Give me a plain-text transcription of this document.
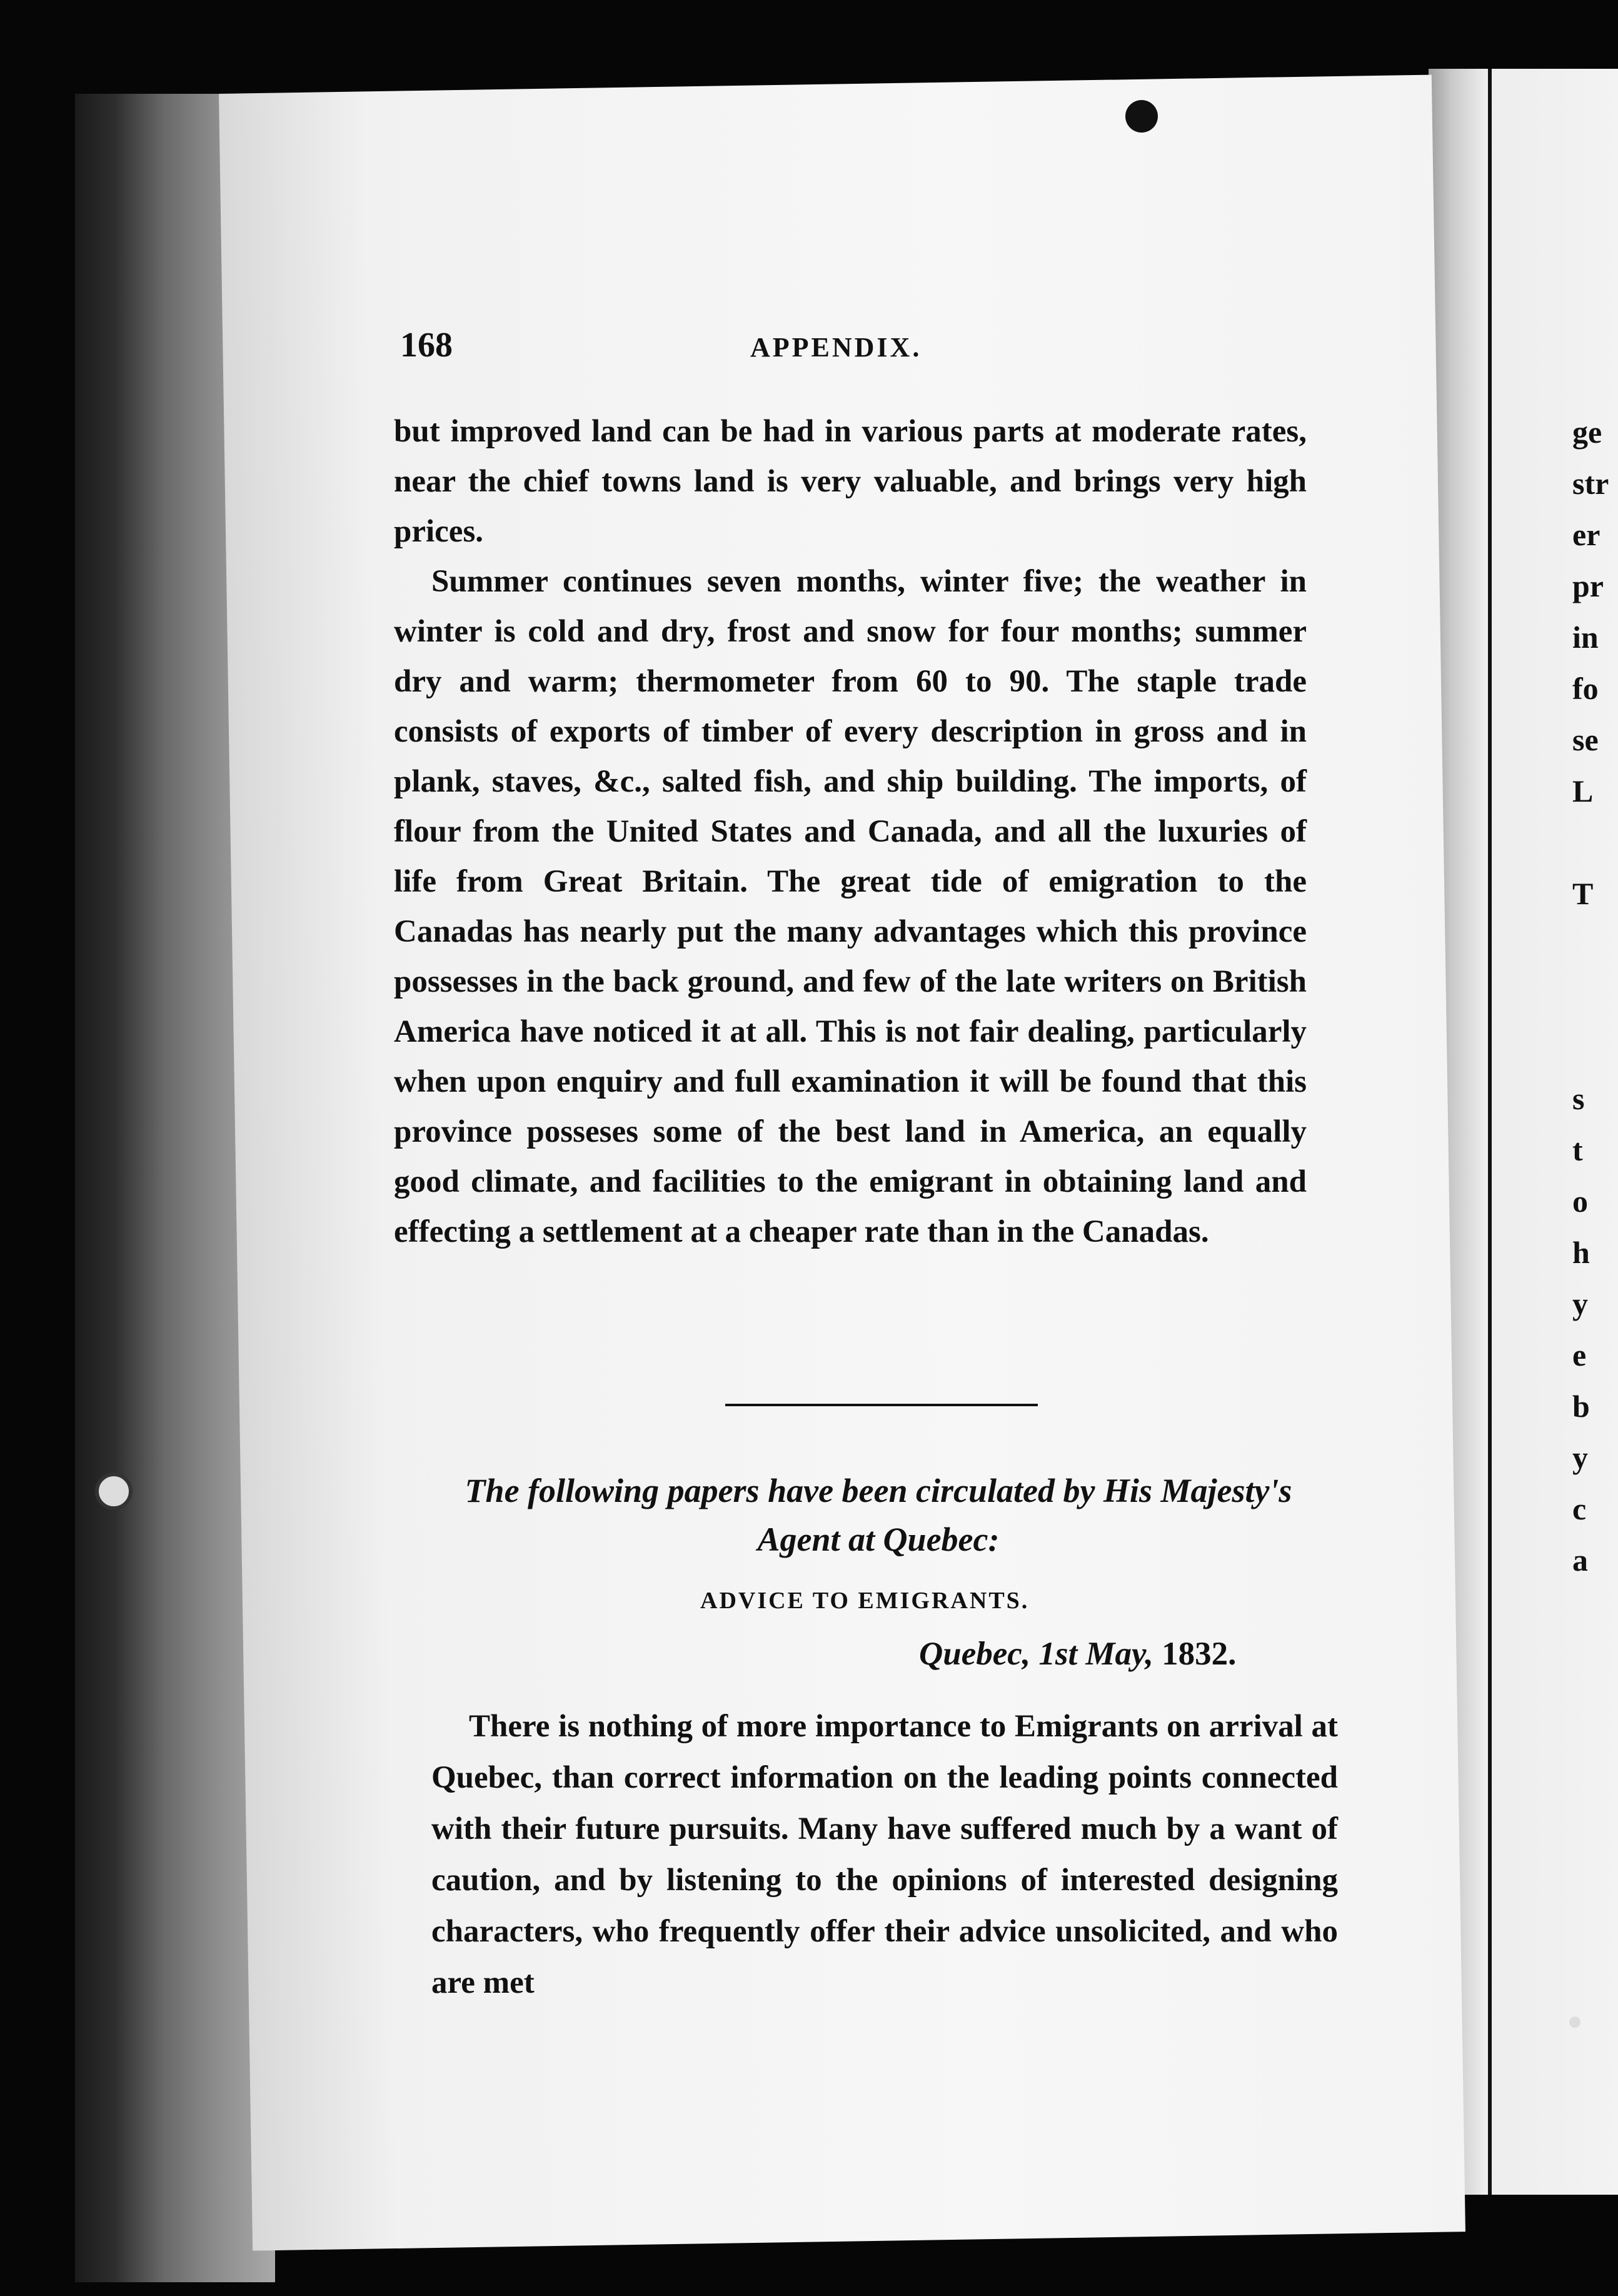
168	APPENDIX.

but improved land can be had in various parts at moderate rates, near the chief towns land is very valuable, and brings very high prices.

Summer continues seven months, winter five; the weather in winter is cold and dry, frost and snow for four months; summer dry and warm; thermometer from 60 to 90. The staple trade consists of exports of timber of every description in gross and in plank, staves, &c., salted fish, and ship building. The imports, of flour from the United States and Canada, and all the luxuries of life from Great Britain. The great tide of emigration to the Canadas has nearly put the many advantages which this province possesses in the back ground, and few of the late writers on British America have noticed it at all. This is not fair dealing, particularly when upon enquiry and full examination it will be found that this province posseses some of the best land in America, an equally good climate, and facilities to the emigrant in obtaining land and effecting a settlement at a cheaper rate than in the Canadas.

The following papers have been circulated by His Majesty's Agent at Quebec:
ADVICE TO EMIGRANTS.
Quebec, 1st May, 1832.
There is nothing of more importance to Emigrants on arrival at Quebec, than correct information on the leading points connected with their future pursuits. Many have suffered much by a want of caution, and by listening to the opinions of interested designing characters, who frequently offer their advice unsolicited, and who are met
ge
str
er
pr
in
fo
se
L
T
s
t
o
h
y
e
b
y
c
a
